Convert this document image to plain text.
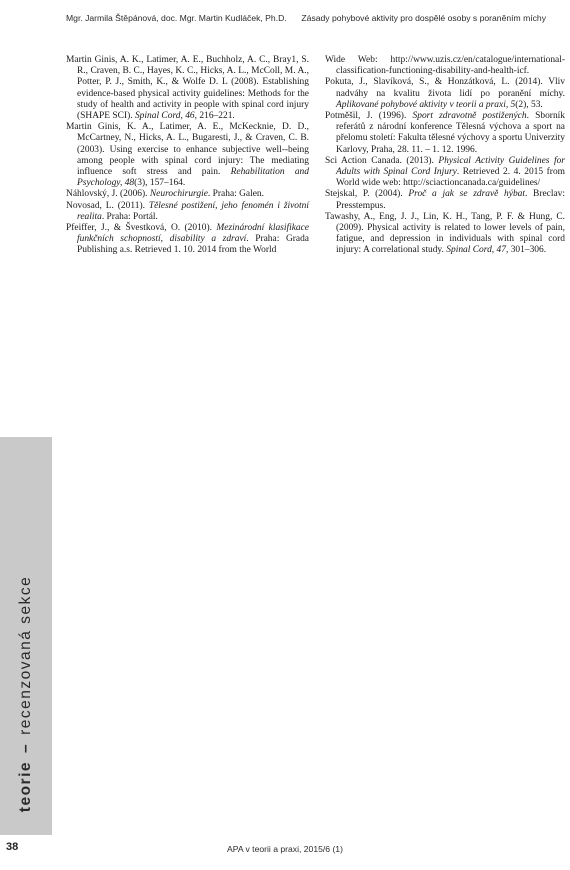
Mgr. Jarmila Štěpánová, doc. Mgr. Martin Kudláček, Ph.D. Zásady pohybové aktivity pro dospělé osoby s poraněním míchy

Martin Ginis, A. K., Latimer, A. E., Buchholz, A. C., Bray1, S. R., Craven, B. C., Hayes, K. C., Hicks, A. L., McColl, M. A., Potter, P. J., Smith, K., & Wolfe D. L (2008). Establishing evidence-based physical activity guidelines: Methods for the study of health and activity in people with spinal cord injury (SHAPE SCI). Spinal Cord, 46, 216–221.

Martin Ginis, K. A., Latimer, A. E., McKecknie, D. D., McCartney, N., Hicks, A. L., Bugaresti, J., & Craven, C. B. (2003). Using exercise to enhance subjective well--being among people with spinal cord injury: The mediating influence soft stress and pain. Rehabilitation and Psychology, 48(3), 157–164.

Náhlovský, J. (2006). Neurochirurgie. Praha: Galen.

Novosad, L. (2011). Tělesné postižení, jeho fenomén i životní realita. Praha: Portál.

Pfeiffer, J., & Švestková, O. (2010). Mezinárodní klasifikace funkčních schopností, disability a zdraví. Praha: Grada Publishing a.s. Retrieved 1. 10. 2014 from the World

Wide Web: http://www.uzis.cz/en/catalogue/international-classification-functioning-disability-and-health-icf.

Pokuta, J., Slavíková, S., & Honzátková, L. (2014). Vliv nadváhy na kvalitu života lidí po poranění míchy. Aplikované pohybové aktivity v teorii a praxi, 5(2), 53.

Potměšil, J. (1996). Sport zdravotně postižených. Sborník referátů z národní konference Tělesná výchova a sport na přelomu století: Fakulta tělesné výchovy a sportu Univerzity Karlovy, Praha, 28. 11. – 1. 12. 1996.

Sci Action Canada. (2013). Physical Activity Guidelines for Adults with Spinal Cord Injury. Retrieved 2. 4. 2015 from World wide web: http://sciactioncanada.ca/guidelines/

Stejskal, P. (2004). Proč a jak se zdravě hýbat. Breclav: Presstempus.

Tawashy, A., Eng, J. J., Lin, K. H., Tang, P. F. & Hung, C. (2009). Physical activity is related to lower levels of pain, fatigue, and depression in individuals with spinal cord injury: A correlational study. Spinal Cord, 47, 301–306.

teorie–recenzovaná sekce
38	APA v teorii a praxi, 2015/6 (1)
